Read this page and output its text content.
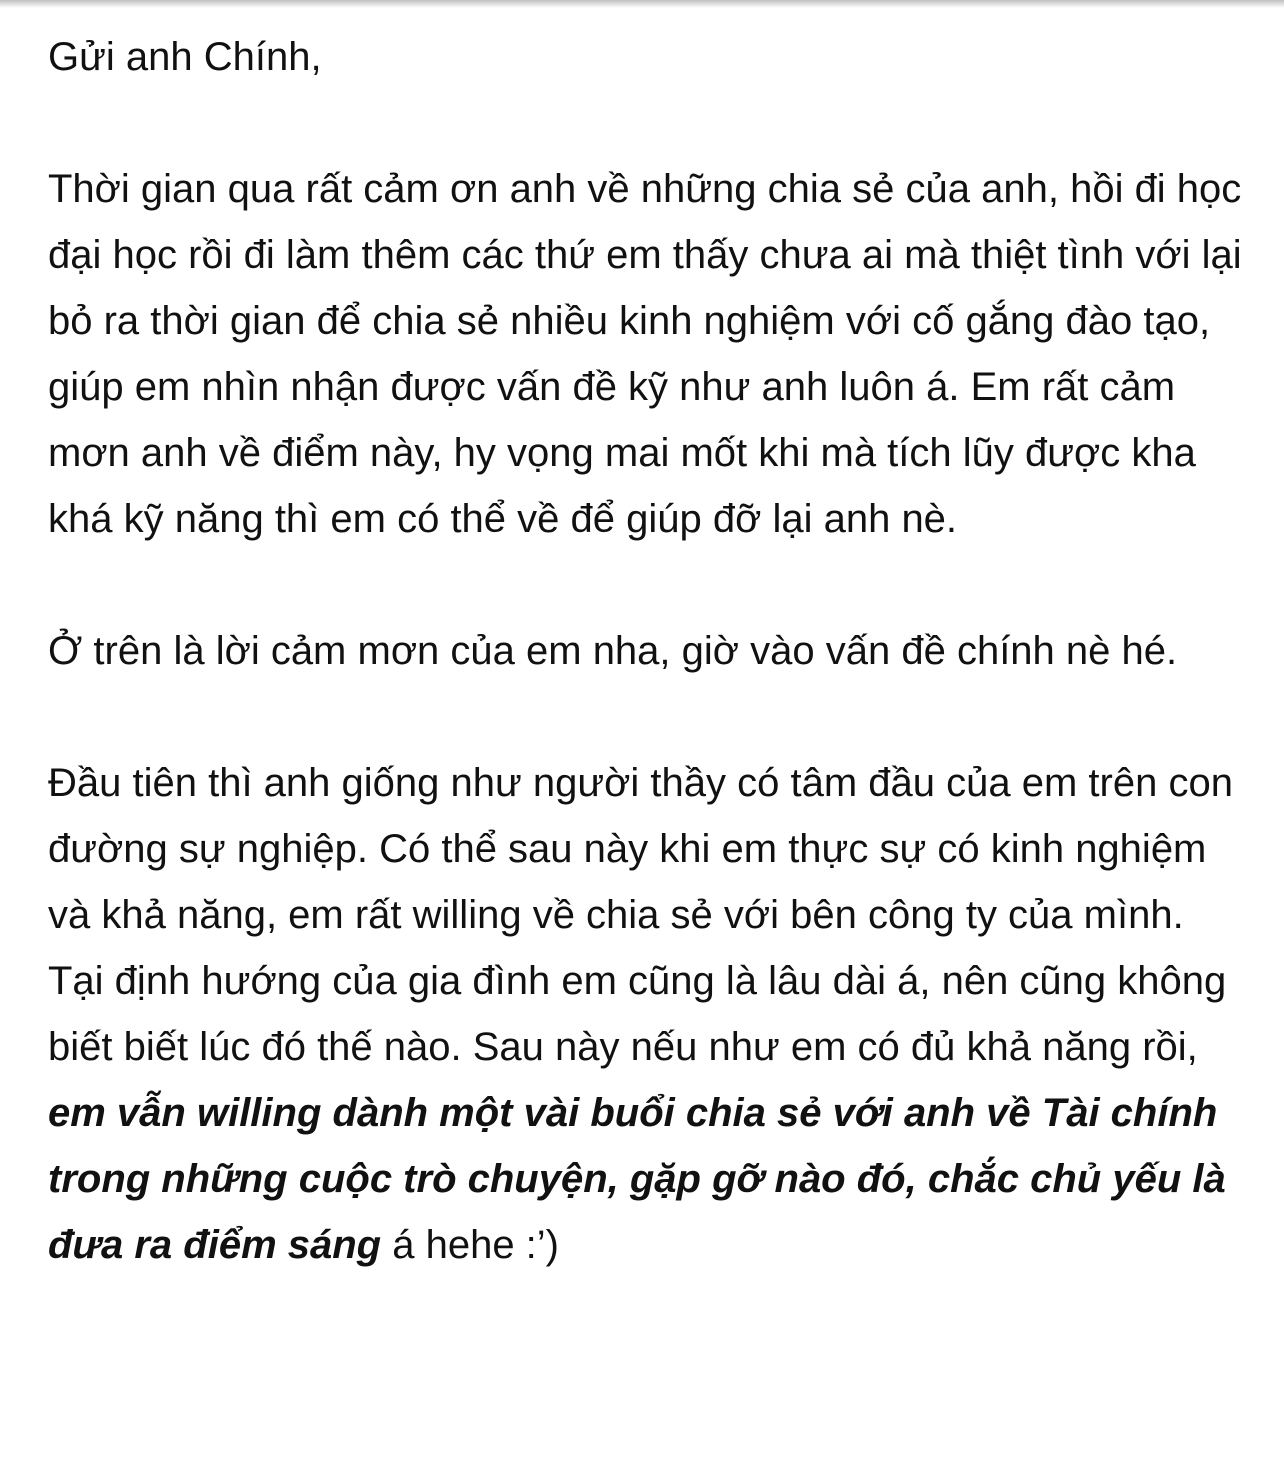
Gửi anh Chính,

Thời gian qua rất cảm ơn anh về những chia sẻ của anh, hồi đi học đại học rồi đi làm thêm các thứ em thấy chưa ai mà thiệt tình với lại bỏ ra thời gian để chia sẻ nhiều kinh nghiệm với cố gắng đào tạo, giúp em nhìn nhận được vấn đề kỹ như anh luôn á. Em rất cảm mơn anh về điểm này, hy vọng mai mốt khi mà tích lũy được kha khá kỹ năng thì em có thể về để giúp đỡ lại anh nè.

Ở trên là lời cảm mơn của em nha, giờ vào vấn đề chính nè hé.

Đầu tiên thì anh giống như người thầy có tâm đầu của em trên con đường sự nghiệp. Có thể sau này khi em thực sự có kinh nghiệm và khả năng, em rất willing về chia sẻ với bên công ty của mình. Tại định hướng của gia đình em cũng là lâu dài á, nên cũng không biết biết lúc đó thế nào. Sau này nếu như em có đủ khả năng rồi, em vẫn willing dành một vài buổi chia sẻ với anh về Tài chính trong những cuộc trò chuyện, gặp gỡ nào đó, chắc chủ yếu là đưa ra điểm sáng á hehe :’)
